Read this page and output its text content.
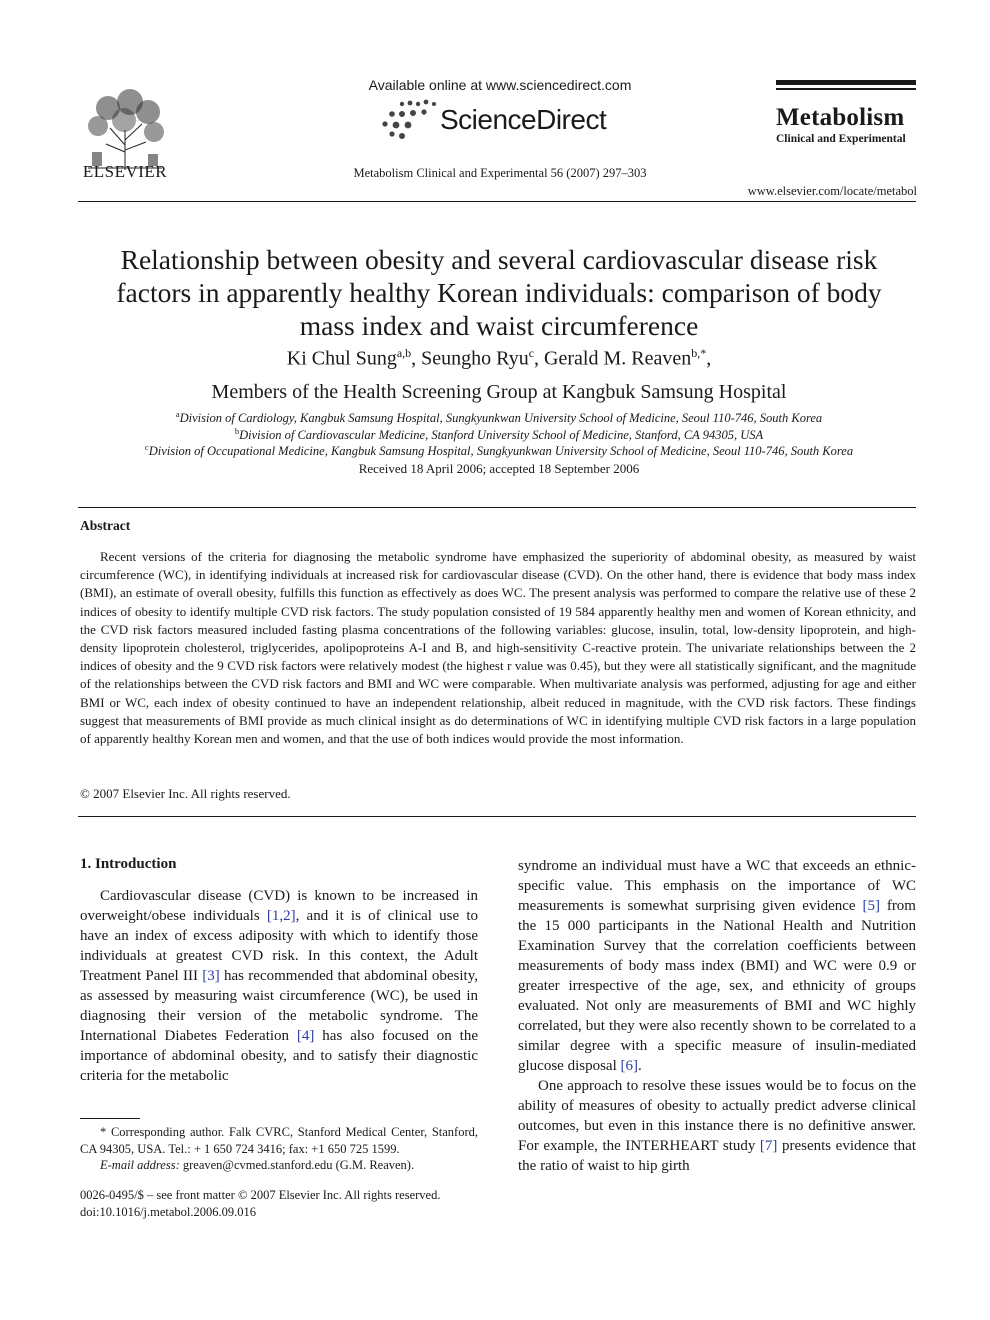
ELSEVIER
Available online at www.sciencedirect.com
ScienceDirect
Metabolism Clinical and Experimental 56 (2007) 297–303
Metabolism
Clinical and Experimental
www.elsevier.com/locate/metabol
Relationship between obesity and several cardiovascular disease risk factors in apparently healthy Korean individuals: comparison of body mass index and waist circumference
Ki Chul Sung$^{a,b}$, Seungho Ryu$^c$, Gerald M. Reaven$^{b,*}$,
Members of the Health Screening Group at Kangbuk Samsung Hospital
$^a$Division of Cardiology, Kangbuk Samsung Hospital, Sungkyunkwan University School of Medicine, Seoul 110-746, South Korea
$^b$Division of Cardiovascular Medicine, Stanford University School of Medicine, Stanford, CA 94305, USA
$^c$Division of Occupational Medicine, Kangbuk Samsung Hospital, Sungkyunkwan University School of Medicine, Seoul 110-746, South Korea
Received 18 April 2006; accepted 18 September 2006
Abstract
Recent versions of the criteria for diagnosing the metabolic syndrome have emphasized the superiority of abdominal obesity, as measured by waist circumference (WC), in identifying individuals at increased risk for cardiovascular disease (CVD). On the other hand, there is evidence that body mass index (BMI), an estimate of overall obesity, fulfills this function as effectively as does WC. The present analysis was performed to compare the relative use of these 2 indices of obesity to identify multiple CVD risk factors. The study population consisted of 19 584 apparently healthy men and women of Korean ethnicity, and the CVD risk factors measured included fasting plasma concentrations of the following variables: glucose, insulin, total, low-density lipoprotein, and high-density lipoprotein cholesterol, triglycerides, apolipoproteins A-I and B, and high-sensitivity C-reactive protein. The univariate relationships between the 2 indices of obesity and the 9 CVD risk factors were relatively modest (the highest r value was 0.45), but they were all statistically significant, and the magnitude of the relationships between the CVD risk factors and BMI and WC were comparable. When multivariate analysis was performed, adjusting for age and either BMI or WC, each index of obesity continued to have an independent relationship, albeit reduced in magnitude, with the CVD risk factors. These findings suggest that measurements of BMI provide as much clinical insight as do determinations of WC in identifying multiple CVD risk factors in a large population of apparently healthy Korean men and women, and that the use of both indices would provide the most information.
© 2007 Elsevier Inc. All rights reserved.
1. Introduction
Cardiovascular disease (CVD) is known to be increased in overweight/obese individuals [1,2], and it is of clinical use to have an index of excess adiposity with which to identify those individuals at greatest CVD risk. In this context, the Adult Treatment Panel III [3] has recommended that abdominal obesity, as assessed by measuring waist circumference (WC), be used in diagnosing their version of the metabolic syndrome. The International Diabetes Federation [4] has also focused on the importance of abdominal obesity, and to satisfy their diagnostic criteria for the metabolic
syndrome an individual must have a WC that exceeds an ethnic-specific value. This emphasis on the importance of WC measurements is somewhat surprising given evidence [5] from the 15 000 participants in the National Health and Nutrition Examination Survey that the correlation coefficients between measurements of body mass index (BMI) and WC were 0.9 or greater irrespective of the age, sex, and ethnicity of groups evaluated. Not only are measurements of BMI and WC highly correlated, but they were also recently shown to be correlated to a similar degree with a specific measure of insulin-mediated glucose disposal [6].
One approach to resolve these issues would be to focus on the ability of measures of obesity to actually predict adverse clinical outcomes, but even in this instance there is no definitive answer. For example, the INTERHEART study [7] presents evidence that the ratio of waist to hip girth
* Corresponding author. Falk CVRC, Stanford Medical Center, Stanford, CA 94305, USA. Tel.: + 1 650 724 3416; fax: +1 650 725 1599.
E-mail address: greaven@cvmed.stanford.edu (G.M. Reaven).
0026-0495/$ – see front matter © 2007 Elsevier Inc. All rights reserved.
doi:10.1016/j.metabol.2006.09.016
